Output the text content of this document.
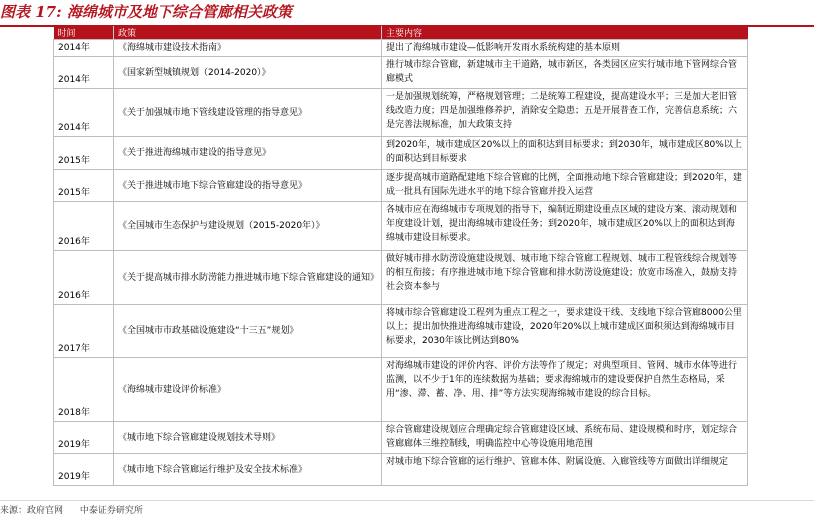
图表 17: 海绵城市及地下综合管廊相关政策
时间	政策	主要内容
2014年	《海绵城市建设技术指南》	提出了海绵城市建设—低影响开发雨水系统构建的基本原则
2014年	《国家新型城镇规划（2014-2020）》	推行城市综合管廊，新建城市主干道路，城市新区，各类园区应实行城市地下管网综合管廊模式
2014年	《关于加强城市地下管线建设管理的指导意见》	一是加强规划统筹，严格规划管理；二是统筹工程建设，提高建设水平；三是加大老旧管线改造力度；四是加强维修养护，消除安全隐患；五是开展普查工作，完善信息系统；六是完善法规标准，加大政策支持
2015年	《关于推进海绵城市建设的指导意见》	到2020年，城市建成区20%以上的面积达到目标要求；到2030年，城市建成区80%以上的面积达到目标要求
2015年	《关于推进城市地下综合管廊建设的指导意见》	逐步提高城市道路配建地下综合管廊的比例，全面推动地下综合管廊建设；到2020年，建成一批具有国际先进水平的地下综合管廊并投入运营
2016年	《全国城市生态保护与建设规划（2015-2020年）》	各城市应在海绵城市专项规划的指导下，编制近期建设重点区域的建设方案、滚动规划和年度建设计划，提出海绵城市建设任务；到2020年，城市建成区20%以上的面积达到海绵城市建设目标要求。
2016年	《关于提高城市排水防涝能力推进城市地下综合管廊建设的通知》	做好城市排水防涝设施建设规划、城市地下综合管廊工程规划、城市工程管线综合规划等的相互衔接；有序推进城市地下综合管廊和排水防涝设施建设；放宽市场准入，鼓励支持社会资本参与
2017年	《全国城市市政基础设施建设“十三五”规划》	将城市综合管廊建设工程列为重点工程之一，要求建设干线、支线地下综合管廊8000公里以上；提出加快推进海绵城市建设，2020年20%以上城市建成区面积须达到海绵城市目标要求，2030年该比例达到80%
2018年	《海绵城市建设评价标准》	对海绵城市建设的评价内容、评价方法等作了规定；对典型项目、管网、城市水体等进行监测，以不少于1年的连续数据为基础；要求海绵城市的建设要保护自然生态格局，采用“渗、滞、蓄、净、用、排”等方法实现海绵城市建设的综合目标。
2019年	《城市地下综合管廊建设规划技术导则》	综合管廊建设规划应合理确定综合管廊建设区域、系统布局、建设规模和时序，划定综合管廊廊体三维控制线，明确监控中心等设施用地范围
2019年	《城市地下综合管廊运行维护及安全技术标准》	对城市地下综合管廊的运行维护、管廊本体、附属设施、入廊管线等方面做出详细规定
来源：政府官网 中泰证券研究所
